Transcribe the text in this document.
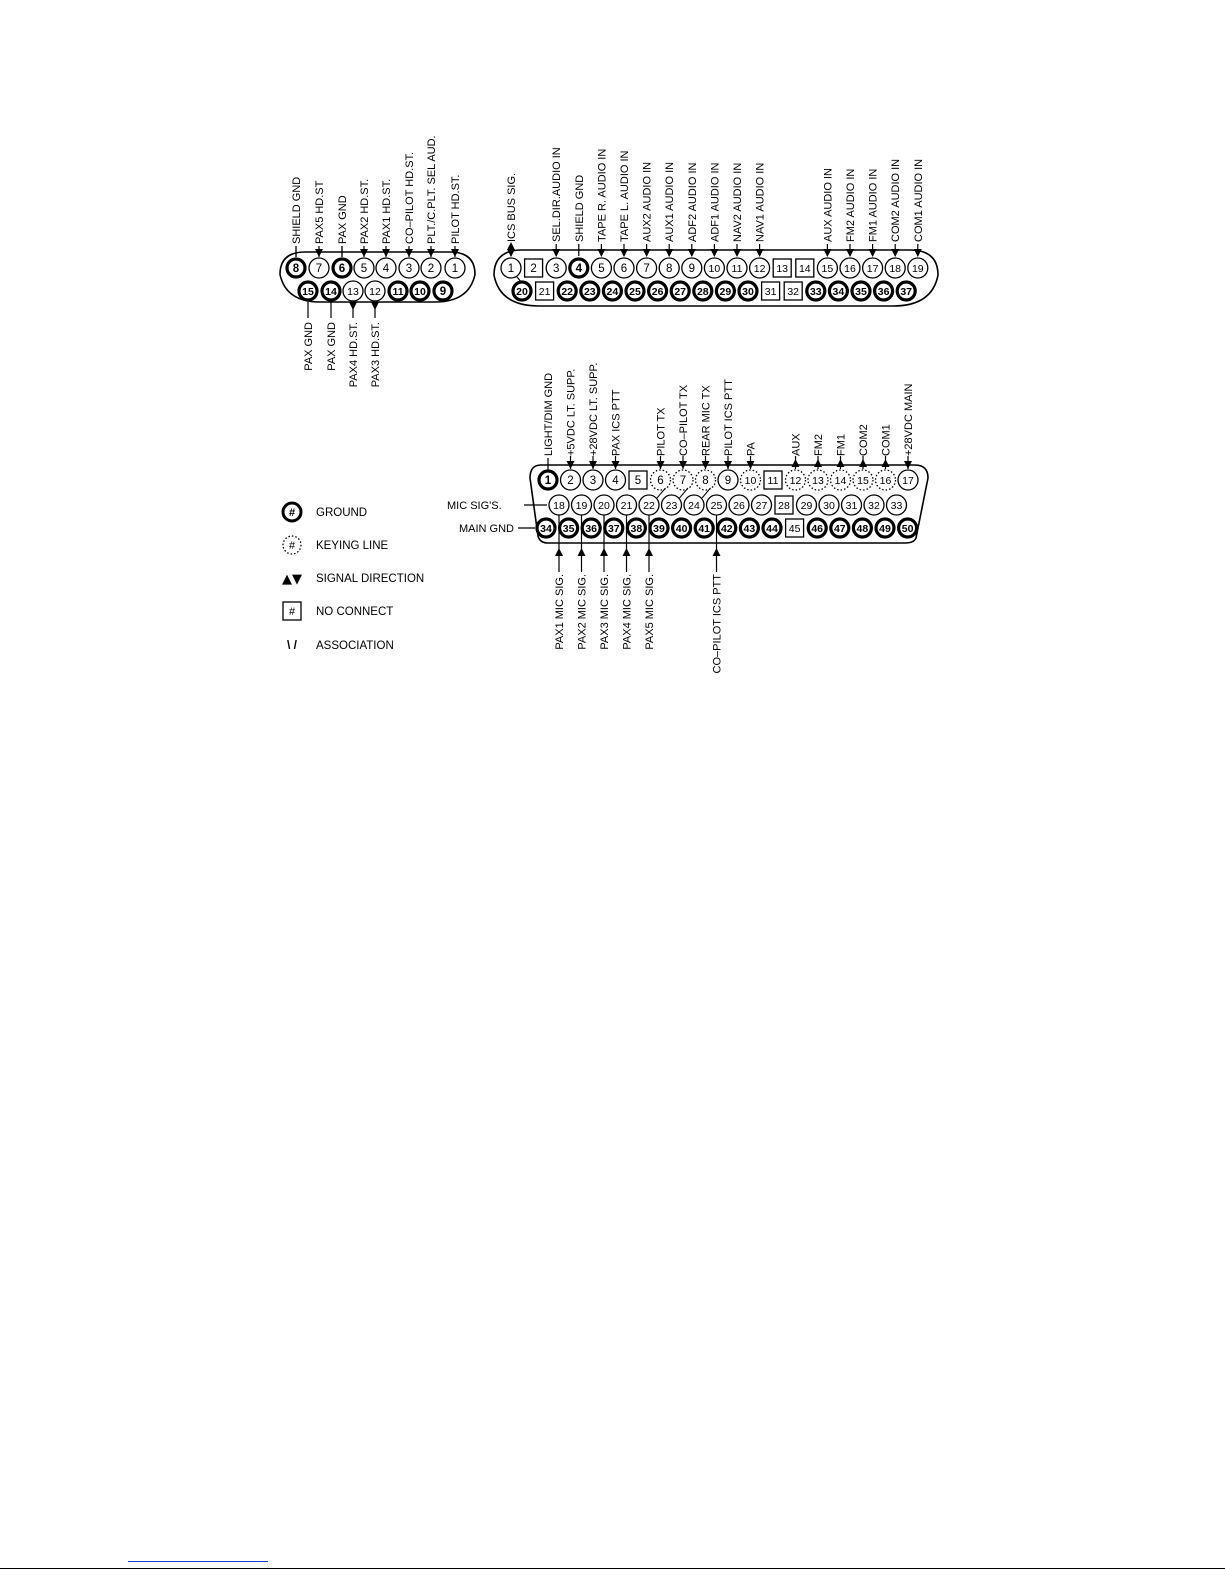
8 7 6 5 4 3 2 1
15 14 13 12 11 10 9
SHIELD GND PAX5 HD.ST PAX GND PAX2 HD.ST. PAX1 HD.ST. CO–PILOT HD.ST. PLT./C.PLT. SEL AUD. PILOT HD.ST.
PAX GND PAX GND PAX4 HD.ST. PAX3 HD.ST.
1 2 3 4 5 6 7 8 9 10 11 12 13 14 15 16 17 18 19
20 21 22 23 24 25 26 27 28 29 30 31 32 33 34 35 36 37
ICS BUS SIG.	SEL.DIR.AUDIO IN SHIELD GND TAPE R. AUDIO IN TAPE L. AUDIO IN AUX2 AUDIO IN AUX1 AUDIO IN ADF2 AUDIO IN ADF1 AUDIO IN NAV2 AUDIO IN NAV1 AUDIO IN	AUX AUDIO IN FM2 AUDIO IN FM1 AUDIO IN COM2 AUDIO IN COM1 AUDIO IN
1 2 3 4 5 6 7 8 9 10 11 12 13 14 15 16 17
18 19 20 21 22 23 24 25 26 27 28 29 30 31 32 33
34 35 36 37 38 39 40 41 42 43 44 45 46 47 48 49 50
LIGHT/DIM GND +5VDC LT. SUPP. +28VDC LT. SUPP. PAX ICS PTT	PILOT TX CO–PILOT TX REAR MIC TX PILOT ICS PTT PA	AUX FM2 FM1 COM2 COM1 +28VDC MAIN
MIC SIG'S.
MAIN GND
PAX1 MIC SIG. PAX2 MIC SIG. PAX3 MIC SIG. PAX4 MIC SIG. PAX5 MIC SIG.	CO–PILOT ICS PTT
# GROUND
# KEYING LINE
▲▼ SIGNAL DIRECTION
# NO CONNECT
\ / ASSOCIATION
